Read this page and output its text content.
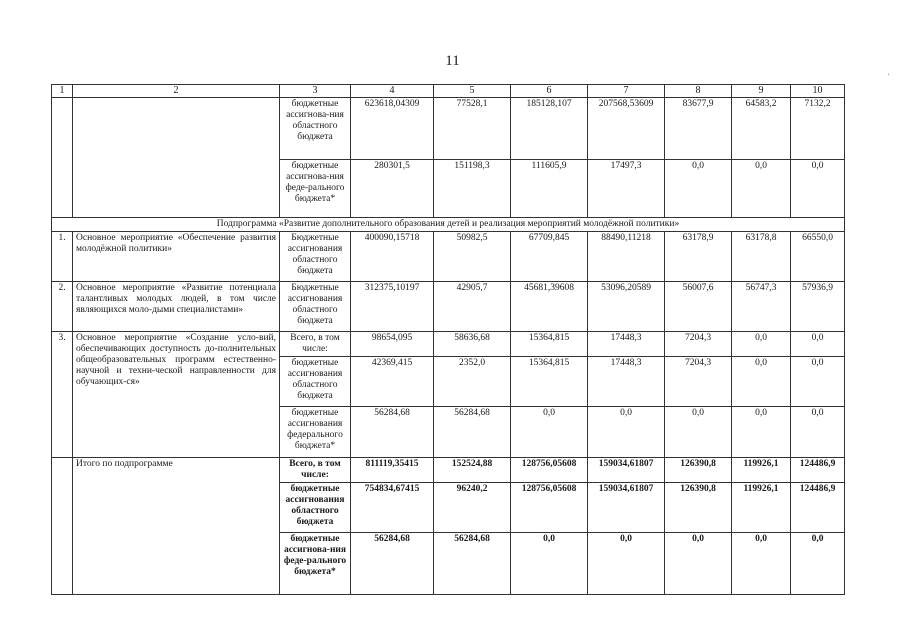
11
'
1	2	3	4	5	6	7	8	9	10
		бюджетные ассигнова-ния областного бюджета	623618,04309	77528,1	185128,107	207568,53609	83677,9	64583,2	7132,2
		бюджетные ассигнова-ния феде-рального бюджета*	280301,5	151198,3	111605,9	17497,3	0,0	0,0	0,0
Подпрограмма «Развитие дополнительного образования детей и реализация мероприятий молодёжной политики»									
1.	Основное мероприятие «Обеспечение развития молодёжной политики»	Бюджетные ассигнования областного бюджета	400090,15718	50982,5	67709,845	88490,11218	63178,9	63178,8	66550,0
2.	Основное мероприятие «Развитие потенциала талантливых молодых людей, в том числе являющихся моло-дыми специалистами»	Бюджетные ассигнования областного бюджета	312375,10197	42905,7	45681,39608	53096,20589	56007,6	56747,3	57936,9
3.	Основное мероприятие «Создание усло-вий, обеспечивающих доступность до-полнительных общеобразовательных программ естественно-научной и техни-ческой направленности для обучающих-ся»	Всего, в том числе:	98654,095	58636,68	15364,815	17448,3	7204,3	0,0	0,0
		бюджетные ассигнования областного бюджета	42369,415	2352,0	15364,815	17448,3	7204,3	0,0	0,0
		бюджетные ассигнования федерального бюджета*	56284,68	56284,68	0,0	0,0	0,0	0,0	0,0
	Итого по подпрограмме	Всего, в том числе:	811119,35415	152524,88	128756,05608	159034,61807	126390,8	119926,1	124486,9
		бюджетные ассигнования областного бюджета	754834,67415	96240,2	128756,05608	159034,61807	126390,8	119926,1	124486,9
		бюджетные ассигнова-ния феде-рального бюджета*	56284,68	56284,68	0,0	0,0	0,0	0,0	0,0
